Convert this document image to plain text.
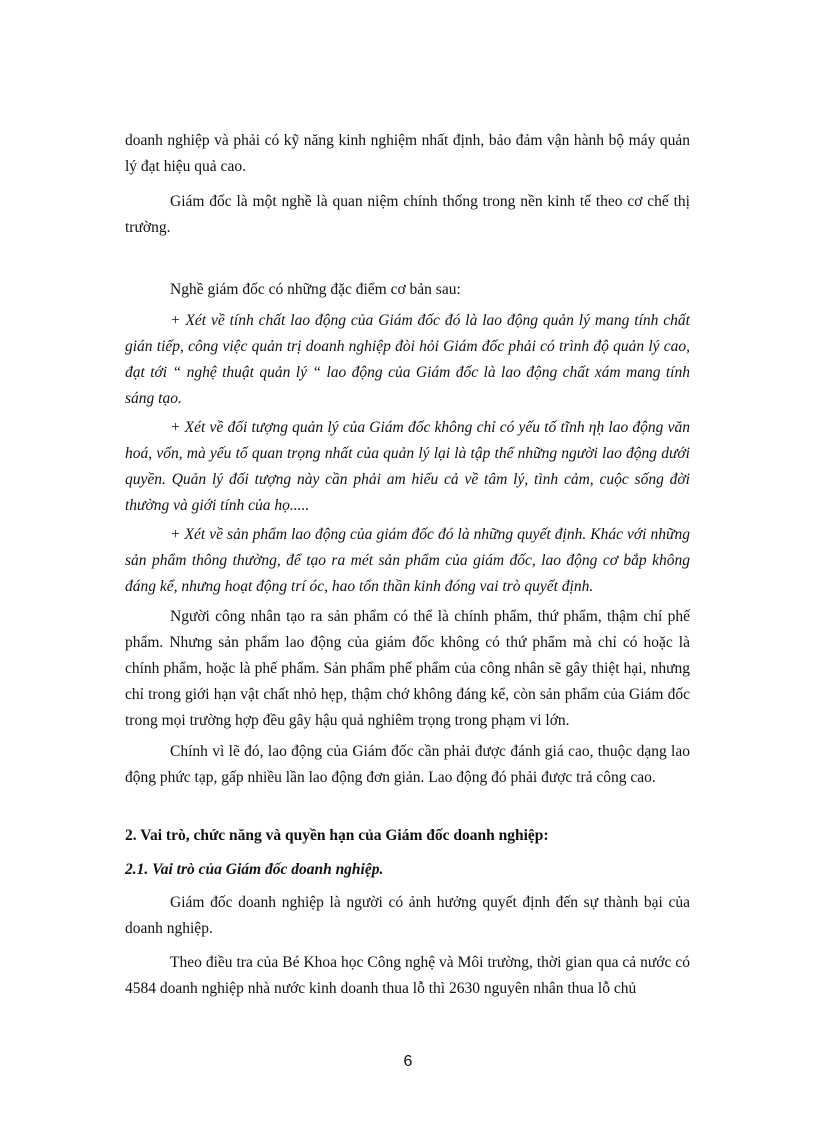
doanh nghiệp và phải có kỹ năng kinh nghiệm nhất định, bảo đảm vận hành bộ máy quản lý đạt hiệu quả cao.

Giám đốc là một nghề là quan niệm chính thống trong nền kinh tế theo cơ chế thị trường.

Nghề giám đốc có những đặc điểm cơ bản sau:

+ Xét về tính chất lao động của Giám đốc đó là lao động quản lý mang tính chất gián tiếp, công việc quản trị doanh nghiệp đòi hỏi Giám đốc phải có trình độ quản lý cao, đạt tới “ nghệ thuật quản lý “ lao động của Giám đốc là lao động chất xám mang tính sáng tạo.

+ Xét về đối tượng quản lý của Giám đốc không chỉ có yếu tố tĩnh ηḥ lao động văn hoá, vốn, mà yếu tố quan trọng nhất của quản lý lại là tập thể những người lao động dưới quyền. Quản lý đối tượng này cần phải am hiểu cả về tâm lý, tình cảm, cuộc sống đời thường và giới tính của họ.....

+ Xét về sản phẩm lao động của giám đốc đó là những quyết định. Khác với những sản phẩm thông thường, để tạo ra mét sản phẩm của giám đốc, lao động cơ bắp không đáng kể, nhưng hoạt động trí óc, hao tổn thần kinh đóng vai trò quyết định.

Người công nhân tạo ra sản phẩm có thể là chính phẩm, thứ phẩm, thậm chí phế phẩm. Nhưng sản phẩm lao động của giám đốc không có thứ phẩm mà chỉ có hoặc là chính phẩm, hoặc là phế phẩm. Sản phẩm phế phẩm của công nhân sẽ gây thiệt hại, nhưng chỉ trong giới hạn vật chất nhỏ hẹp, thậm chớ không đáng kể, còn sản phẩm của Giám đốc trong mọi trường hợp đều gây hậu quả nghiêm trọng trong phạm vi lớn.

Chính vì lẽ đó, lao động của Giám đốc cần phải được đánh giá cao, thuộc dạng lao động phức tạp, gấp nhiều lần lao động đơn giản. Lao động đó phải được trả công cao.

2. Vai trò, chức năng và quyền hạn của Giám đốc doanh nghiệp:

2.1. Vai trò của Giám đốc doanh nghiệp.

Giám đốc doanh nghiệp là người có ảnh hưởng quyết định đến sự thành bại của doanh nghiệp.

Theo điều tra của Bé Khoa học Công nghệ và Môi trường, thời gian qua cả nước có 4584 doanh nghiệp nhà nước kinh doanh thua lỗ thì 2630 nguyên nhân thua lỗ chủ

6
